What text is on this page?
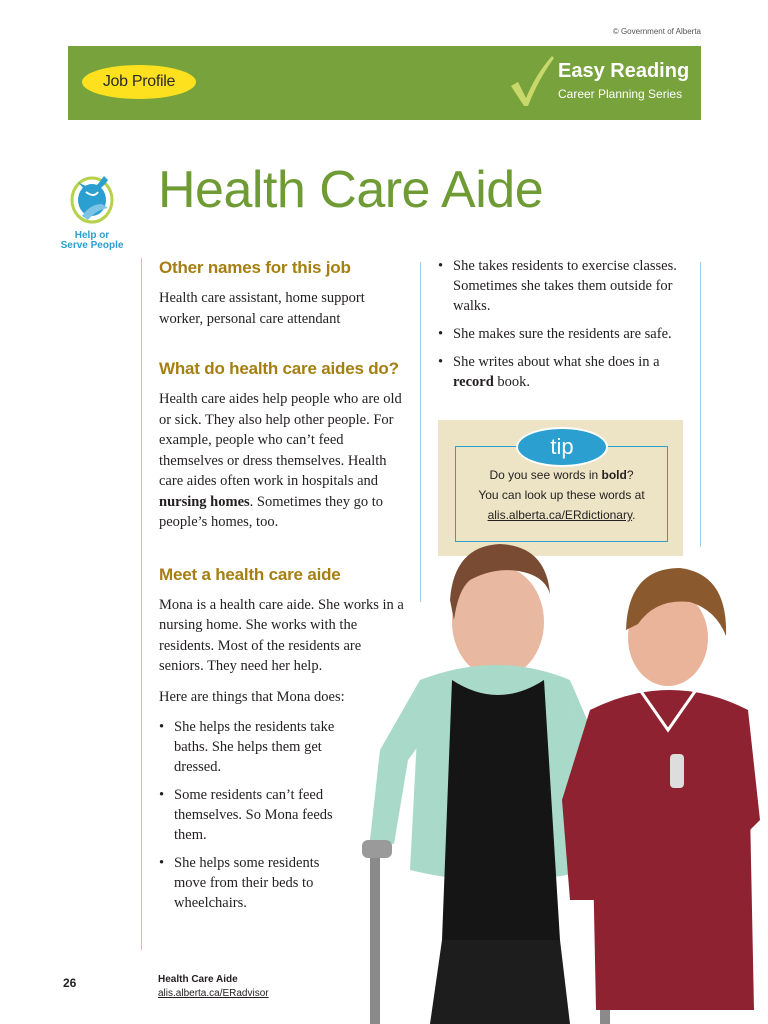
© Government of Alberta
Job Profile	Easy Reading
Career Planning Series
Help or
Serve People
Health Care Aide
Other names for this job

Health care assistant, home support worker, personal care attendant

What do health care aides do?

Health care aides help people who are old or sick. They also help other people. For example, people who can’t feed themselves or dress themselves. Health care aides often work in hospitals and nursing homes. Sometimes they go to people’s homes, too.

Meet a health care aide

Mona is a health care aide. She works in a nursing home. She works with the residents. Most of the residents are seniors. They need her help.

Here are things that Mona does:

• She helps the residents take baths. She helps them get dressed.
• Some residents can’t feed themselves. So Mona feeds them.
• She helps some residents move from their beds to wheelchairs.
• She takes residents to exercise classes. Sometimes she takes them outside for walks.
• She makes sure the residents are safe.
• She writes about what she does in a record book.
Do you see words in bold?
You can look up these words at
alis.alberta.ca/ERdictionary.
tip
26	Health Care Aide
alis.alberta.ca/ERadvisor
